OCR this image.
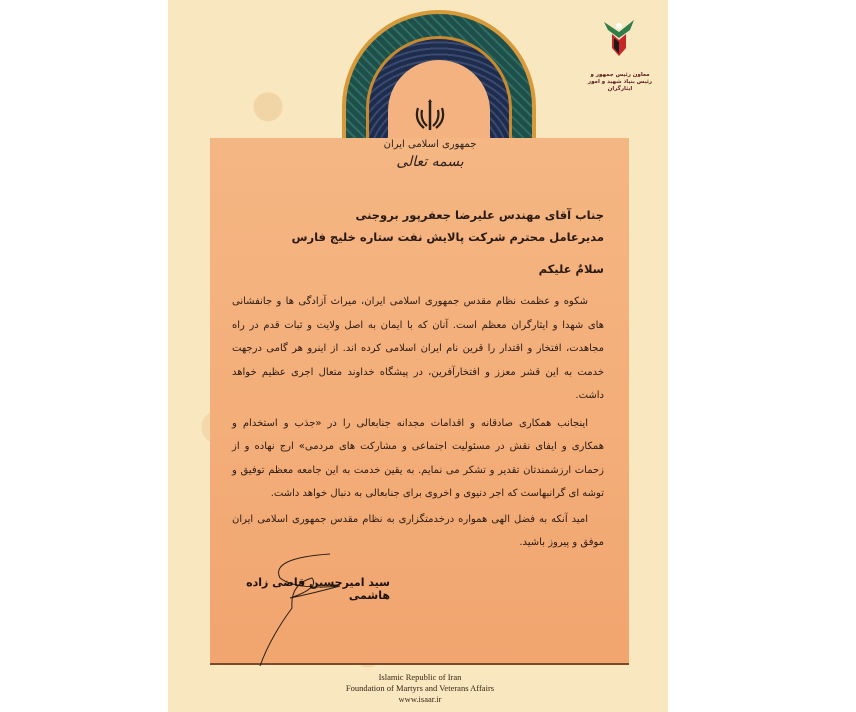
معاون رئیس جمهور و
رئیس بنیاد شهید و امور ایثارگران
جمهوری اسلامی ایران
بسمه تعالی
جناب آقای مهندس علیرضا جعفرپور بروجنی
مدیرعامل محترم شرکت پالایش نفت ستاره خلیج فارس
سلامٌ علیکم
شکوه و عظمت نظام مقدس جمهوری اسلامی ایران، میراث آزادگی ها و جانفشانی های شهدا و ایثارگران معظم است. آنان که با ایمان به اصل ولایت و ثبات قدم در راه مجاهدت، افتخار و اقتدار را قرین نام ایران اسلامی کرده اند. از اینرو هر گامی درجهت خدمت به این قشر معزز و افتخارآفرین، در پیشگاه خداوند متعال اجری عظیم خواهد داشت.
اینجانب همکاری صادقانه و اقدامات مجدانه جنابعالی را در «جذب و استخدام و همکاری و ایفای نقش در مسئولیت اجتماعی و مشارکت های مردمی» ارج نهاده و از زحمات ارزشمندتان تقدیر و تشکر می نمایم. به یقین خدمت به این جامعه معظم توفیق و توشه ای گرانبهاست که اجر دنیوی و اخروی برای جنابعالی به دنبال خواهد داشت.
امید آنکه به فضل الهی همواره درخدمتگزاری به نظام مقدس جمهوری اسلامی ایران موفق و پیروز باشید.
سید امیرحسین قاضی زاده هاشمی
Islamic Republic of Iran
Foundation of Martyrs and Veterans Affairs
www.isaar.ir
